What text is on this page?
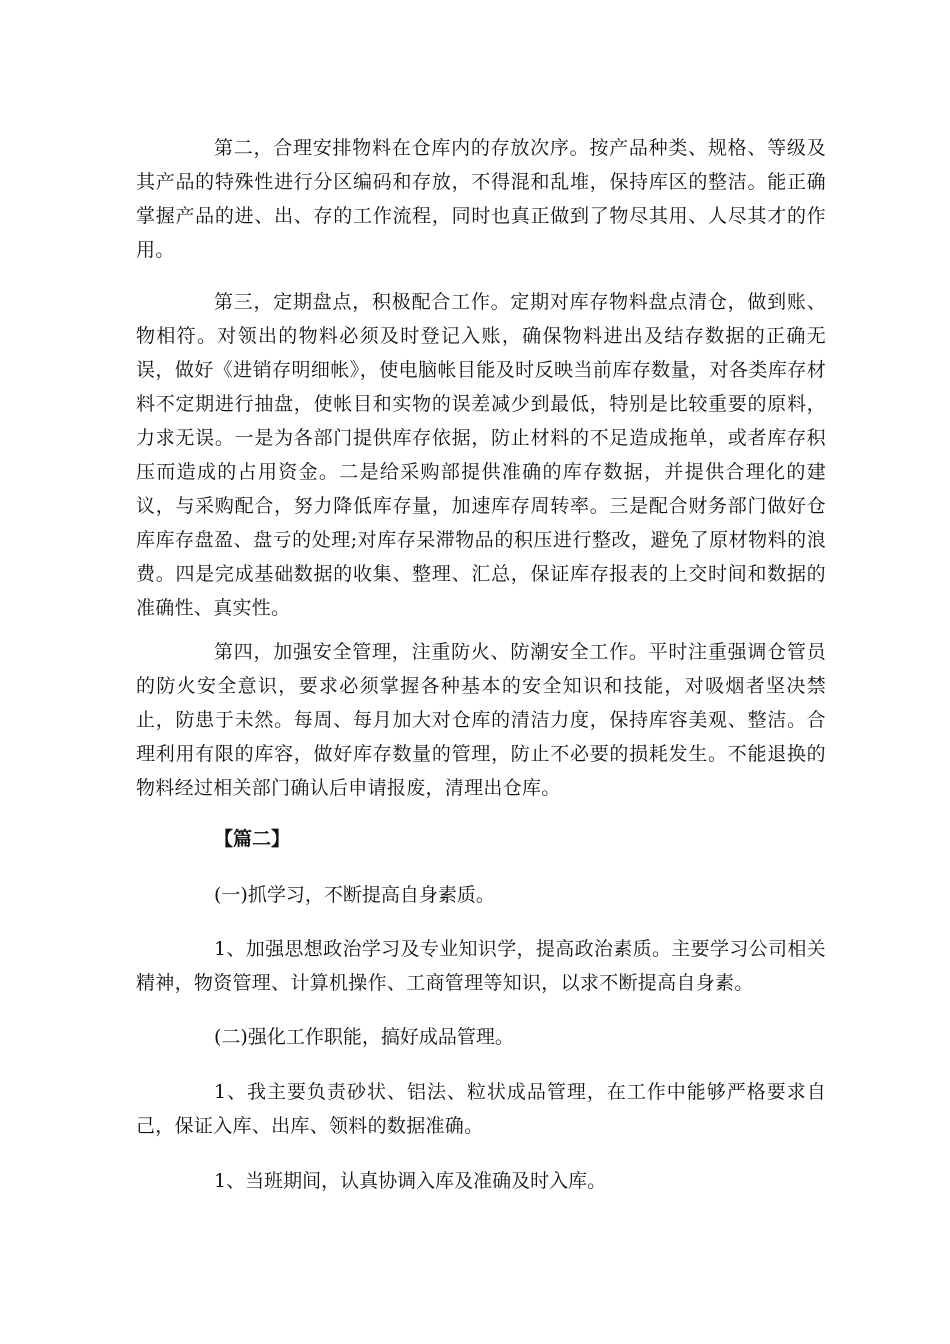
第二，合理安排物料在仓库内的存放次序。按产品种类、规格、等级及其产品的特殊性进行分区编码和存放，不得混和乱堆，保持库区的整洁。能正确掌握产品的进、出、存的工作流程，同时也真正做到了物尽其用、人尽其才的作用。

第三，定期盘点，积极配合工作。定期对库存物料盘点清仓，做到账、物相符。对领出的物料必须及时登记入账，确保物料进出及结存数据的正确无误，做好《进销存明细帐》，使电脑帐目能及时反映当前库存数量，对各类库存材料不定期进行抽盘，使帐目和实物的误差减少到最低，特别是比较重要的原料，力求无误。一是为各部门提供库存依据，防止材料的不足造成拖单，或者库存积压而造成的占用资金。二是给采购部提供准确的库存数据，并提供合理化的建议，与采购配合，努力降低库存量，加速库存周转率。三是配合财务部门做好仓库库存盘盈、盘亏的处理;对库存呆滞物品的积压进行整改，避免了原材物料的浪费。四是完成基础数据的收集、整理、汇总，保证库存报表的上交时间和数据的准确性、真实性。

第四，加强安全管理，注重防火、防潮安全工作。平时注重强调仓管员的防火安全意识，要求必须掌握各种基本的安全知识和技能，对吸烟者坚决禁止，防患于未然。每周、每月加大对仓库的清洁力度，保持库容美观、整洁。合理利用有限的库容，做好库存数量的管理，防止不必要的损耗发生。不能退换的物料经过相关部门确认后申请报废，清理出仓库。

【篇二】

(一)抓学习，不断提高自身素质。

1、加强思想政治学习及专业知识学，提高政治素质。主要学习公司相关精神，物资管理、计算机操作、工商管理等知识，以求不断提高自身素。

(二)强化工作职能，搞好成品管理。

1、我主要负责砂状、铝法、粒状成品管理，在工作中能够严格要求自己，保证入库、出库、领料的数据准确。

1、当班期间，认真协调入库及准确及时入库。
